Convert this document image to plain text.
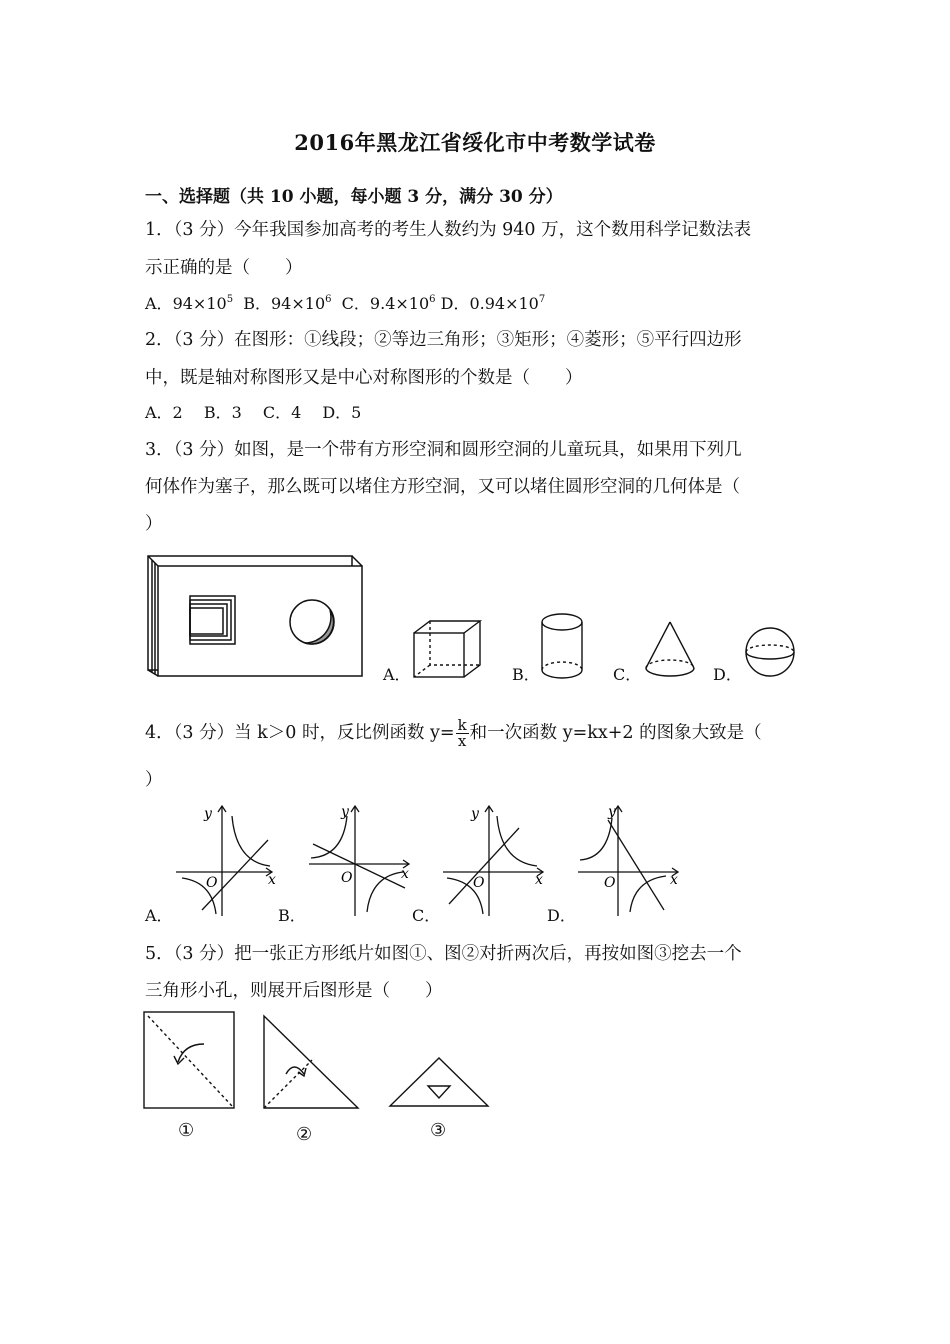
2016年黑龙江省绥化市中考数学试卷
一、选择题（共 10 小题，每小题 3 分，满分 30 分）
1．（3 分）今年我国参加高考的考生人数约为 940 万，这个数用科学记数法表
示正确的是（　　）
A．$94\times 10^5$ B．$94\times 10^6$ C．$9.4\times 10^6$ D．$0.94\times 10^7$
2．（3 分）在图形：①线段；②等边三角形；③矩形；④菱形；⑤平行四边形
中，既是轴对称图形又是中心对称图形的个数是（　　）
A．2　 B．3　 C．4　 D．5
3．（3 分）如图，是一个带有方形空洞和圆形空洞的儿童玩具，如果用下列几
何体作为塞子，那么既可以堵住方形空洞，又可以堵住圆形空洞的几何体是（
）
A．	B．	C．	D．
4．（3 分）当 k＞0 时，反比例函数 $y= \frac{k}{x}$ 和一次函数 y=kx+2 的图象大致是（
）
A．
y
x
O
B．
y
x
O
C．
y
x
O
D．
y
x
O
5．（3 分）把一张正方形纸片如图①、图②对折两次后，再按如图③挖去一个
三角形小孔，则展开后图形是（　　）
①	②	③
